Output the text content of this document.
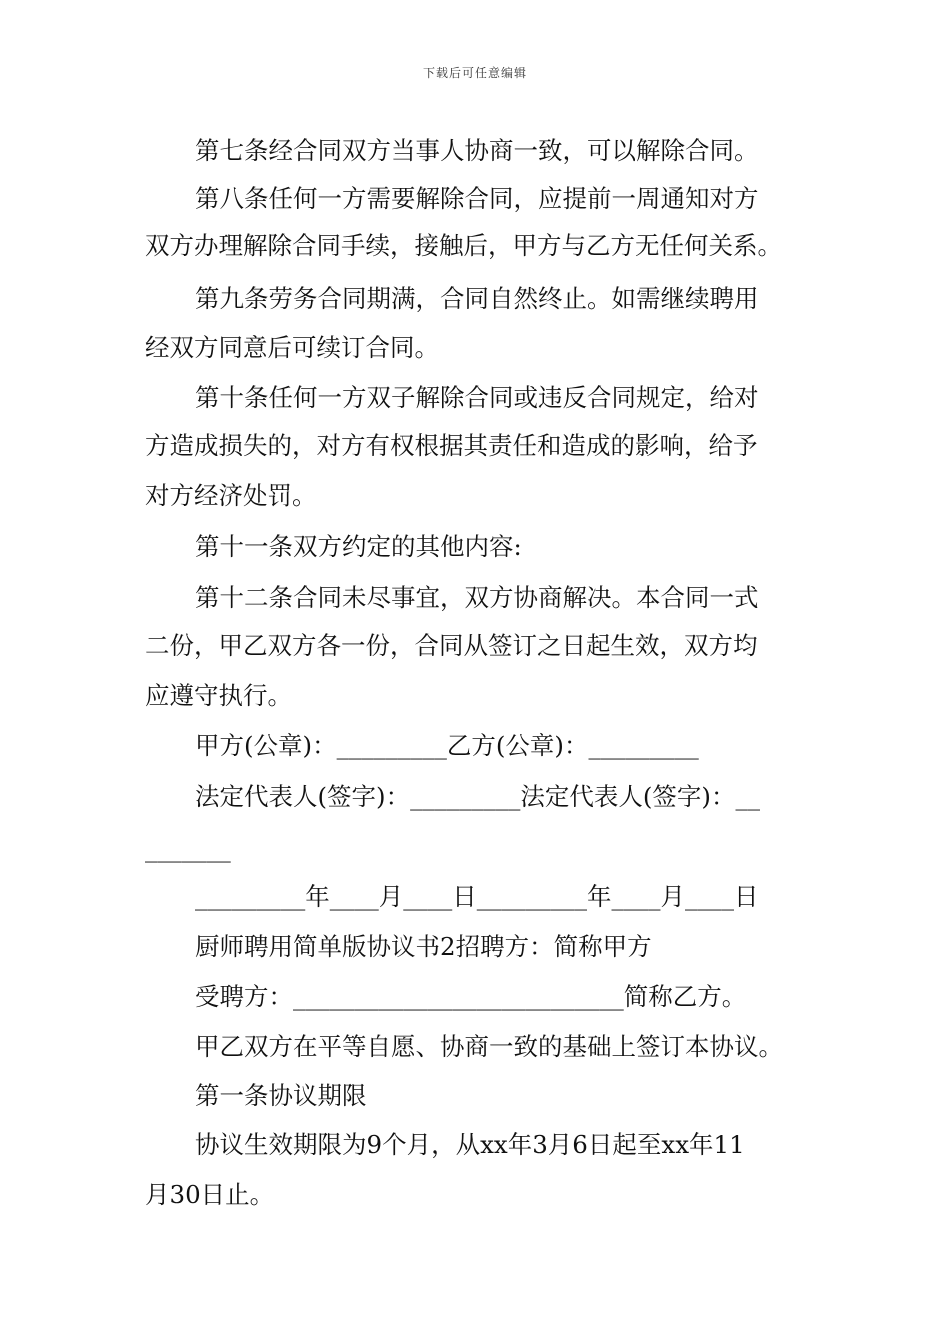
下载后可任意编辑
第七条经合同双方当事人协商一致，可以解除合同。
第八条任何一方需要解除合同，应提前一周通知对方
双方办理解除合同手续，接触后，甲方与乙方无任何关系。
第九条劳务合同期满，合同自然终止。如需继续聘用
经双方同意后可续订合同。
第十条任何一方双子解除合同或违反合同规定，给对
方造成损失的，对方有权根据其责任和造成的影响，给予
对方经济处罚。
第十一条双方约定的其他内容:
第十二条合同未尽事宜，双方协商解决。本合同一式
二份，甲乙双方各一份，合同从签订之日起生效，双方均
应遵守执行。
甲方(公章)：_________乙方(公章)：_________
法定代表人(签字)：_________法定代表人(签字)：__
_______
_________年____月____日_________年____月____日
厨师聘用简单版协议书2招聘方：简称甲方
受聘方：___________________________简称乙方。
甲乙双方在平等自愿、协商一致的基础上签订本协议。
第一条协议期限
协议生效期限为9个月，从xx年3月6日起至xx年11
月30日止。
